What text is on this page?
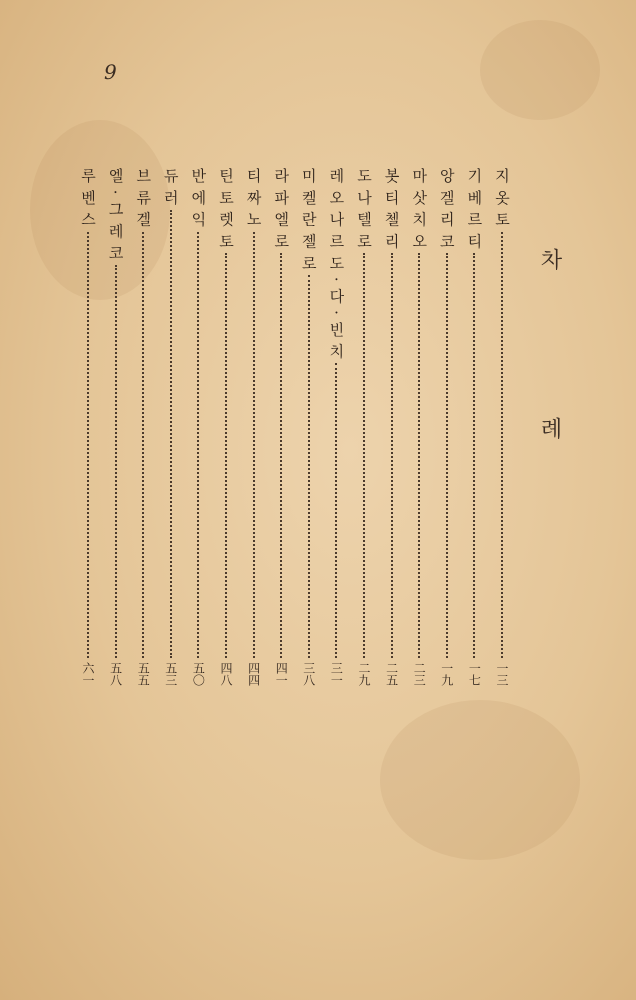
9
차 례
지 옷 토
一三
기 베 르 티
一七
앙 겔 리 코
一九
마 삿 치 오
二三
봇 티 첼 리
二五
도 나 텔 로
二九
레 오 나 르 도 · 다 · 빈 치
三一
미 켈 란 젤 로
三八
라 파 엘 로
四一
티 짜 노
四四
틴 토 렛 토
四八
반 에 익
五〇
듀 러
五三
브 류 겔
五五
엘 · 그 레 코
五八
루 벤 스
六一
